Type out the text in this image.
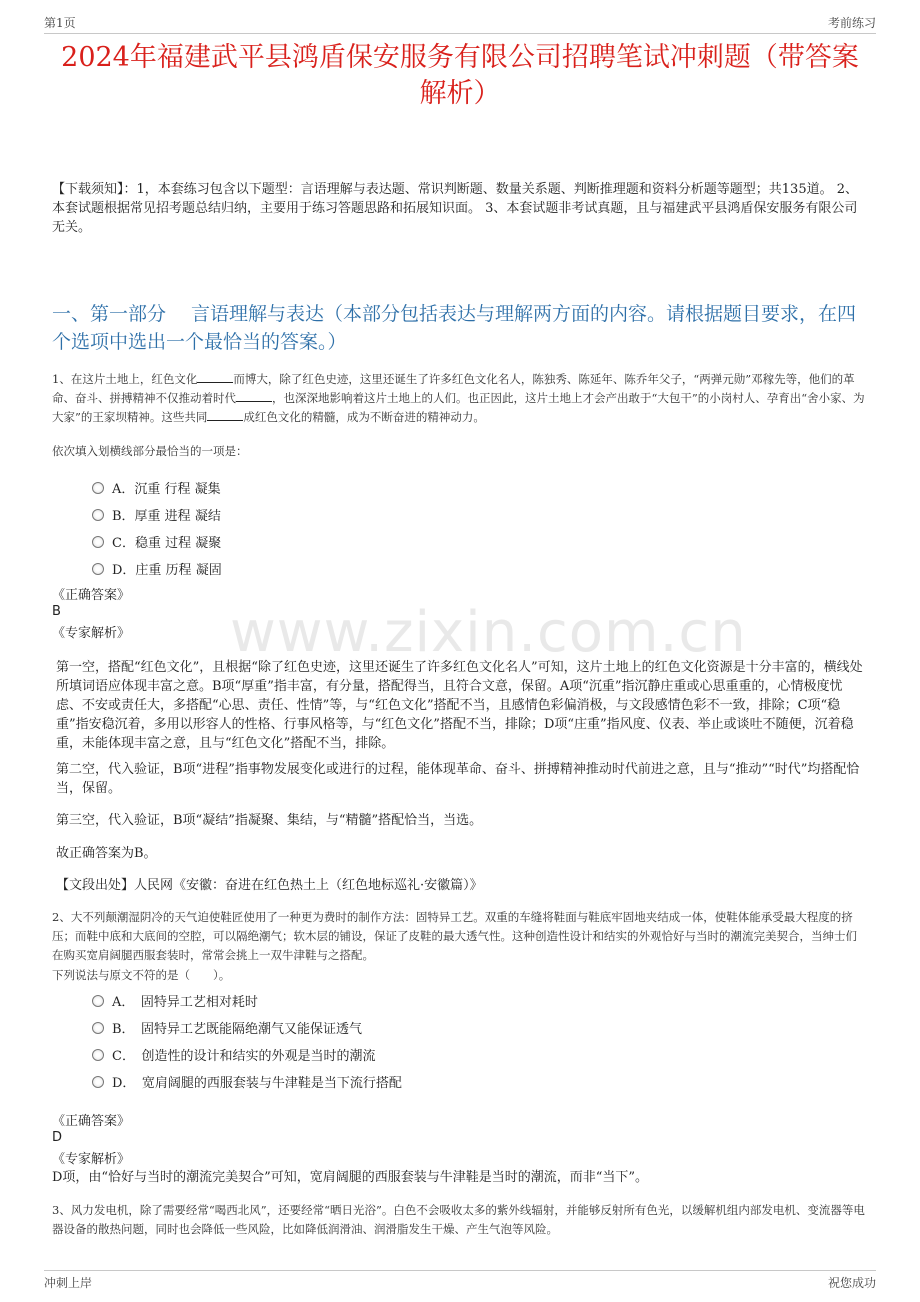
第1页	考前练习
www.zixin.com.cn
2024年福建武平县鸿盾保安服务有限公司招聘笔试冲刺题（带答案解析）
【下载须知】：1，本套练习包含以下题型：言语理解与表达题、常识判断题、数量关系题、判断推理题和资料分析题等题型；共135道。 2、本套试题根据常见招考题总结归纳，主要用于练习答题思路和拓展知识面。 3、本套试题非考试真题，且与福建武平县鸿盾保安服务有限公司无关。
一、第一部分　 言语理解与表达（本部分包括表达与理解两方面的内容。请根据题目要求，在四个选项中选出一个最恰当的答案。）
1、在这片土地上，红色文化	而博大，除了红色史迹，这里还诞生了许多红色文化名人，陈独秀、陈延年、陈乔年父子，“两弹元勋”邓稼先等，他们的革命、奋斗、拼搏精神不仅推动着时代	，也深深地影响着这片土地上的人们。也正因此，这片土地上才会产出敢于“大包干”的小岗村人、孕育出“舍小家、为大家”的王家坝精神。这些共同	成红色文化的精髓，成为不断奋进的精神动力。
依次填入划横线部分最恰当的一项是：
A．沉重 行程 凝集
B．厚重 进程 凝结
C．稳重 过程 凝聚
D．庄重 历程 凝固
《正确答案》
B
《专家解析》
第一空，搭配“红色文化”，且根据“除了红色史迹，这里还诞生了许多红色文化名人”可知，这片土地上的红色文化资源是十分丰富的，横线处所填词语应体现丰富之意。B项“厚重”指丰富，有分量，搭配得当，且符合文意，保留。A项“沉重”指沉静庄重或心思重重的，心情极度忧虑、不安或责任大，多搭配“心思、责任、性情”等，与“红色文化”搭配不当，且感情色彩偏消极，与文段感情色彩不一致，排除；C项“稳重”指安稳沉着，多用以形容人的性格、行事风格等，与“红色文化”搭配不当，排除；D项“庄重”指风度、仪表、举止或谈吐不随便，沉着稳重，未能体现丰富之意，且与“红色文化”搭配不当，排除。
第二空，代入验证，B项“进程”指事物发展变化或进行的过程，能体现革命、奋斗、拼搏精神推动时代前进之意，且与“推动”“时代”均搭配恰当，保留。
第三空，代入验证，B项“凝结”指凝聚、集结，与“精髓”搭配恰当，当选。
故正确答案为B。
【文段出处】人民网《安徽：奋进在红色热土上（红色地标巡礼·安徽篇）》
2、大不列颠潮湿阴冷的天气迫使鞋匠使用了一种更为费时的制作方法：固特异工艺。双重的车缝将鞋面与鞋底牢固地夹结成一体，使鞋体能承受最大程度的挤压；而鞋中底和大底间的空腔，可以隔绝潮气；软木层的铺设，保证了皮鞋的最大透气性。这种创造性设计和结实的外观恰好与当时的潮流完美契合，当绅士们在购买宽肩阔腿西服套装时，常常会挑上一双牛津鞋与之搭配。
下列说法与原文不符的是（　　）。
A．　固特异工艺相对耗时
B．　固特异工艺既能隔绝潮气又能保证透气
C．　创造性的设计和结实的外观是当时的潮流
D．　宽肩阔腿的西服套装与牛津鞋是当下流行搭配
《正确答案》
D
《专家解析》
D项，由“恰好与当时的潮流完美契合”可知，宽肩阔腿的西服套装与牛津鞋是当时的潮流，而非“当下”。
3、风力发电机，除了需要经常“喝西北风”，还要经常“晒日光浴”。白色不会吸收太多的紫外线辐射，并能够反射所有色光，以缓解机组内部发电机、变流器等电器设备的散热问题，同时也会降低一些风险，比如降低润滑油、润滑脂发生干燥、产生气泡等风险。
冲刺上岸	祝您成功
